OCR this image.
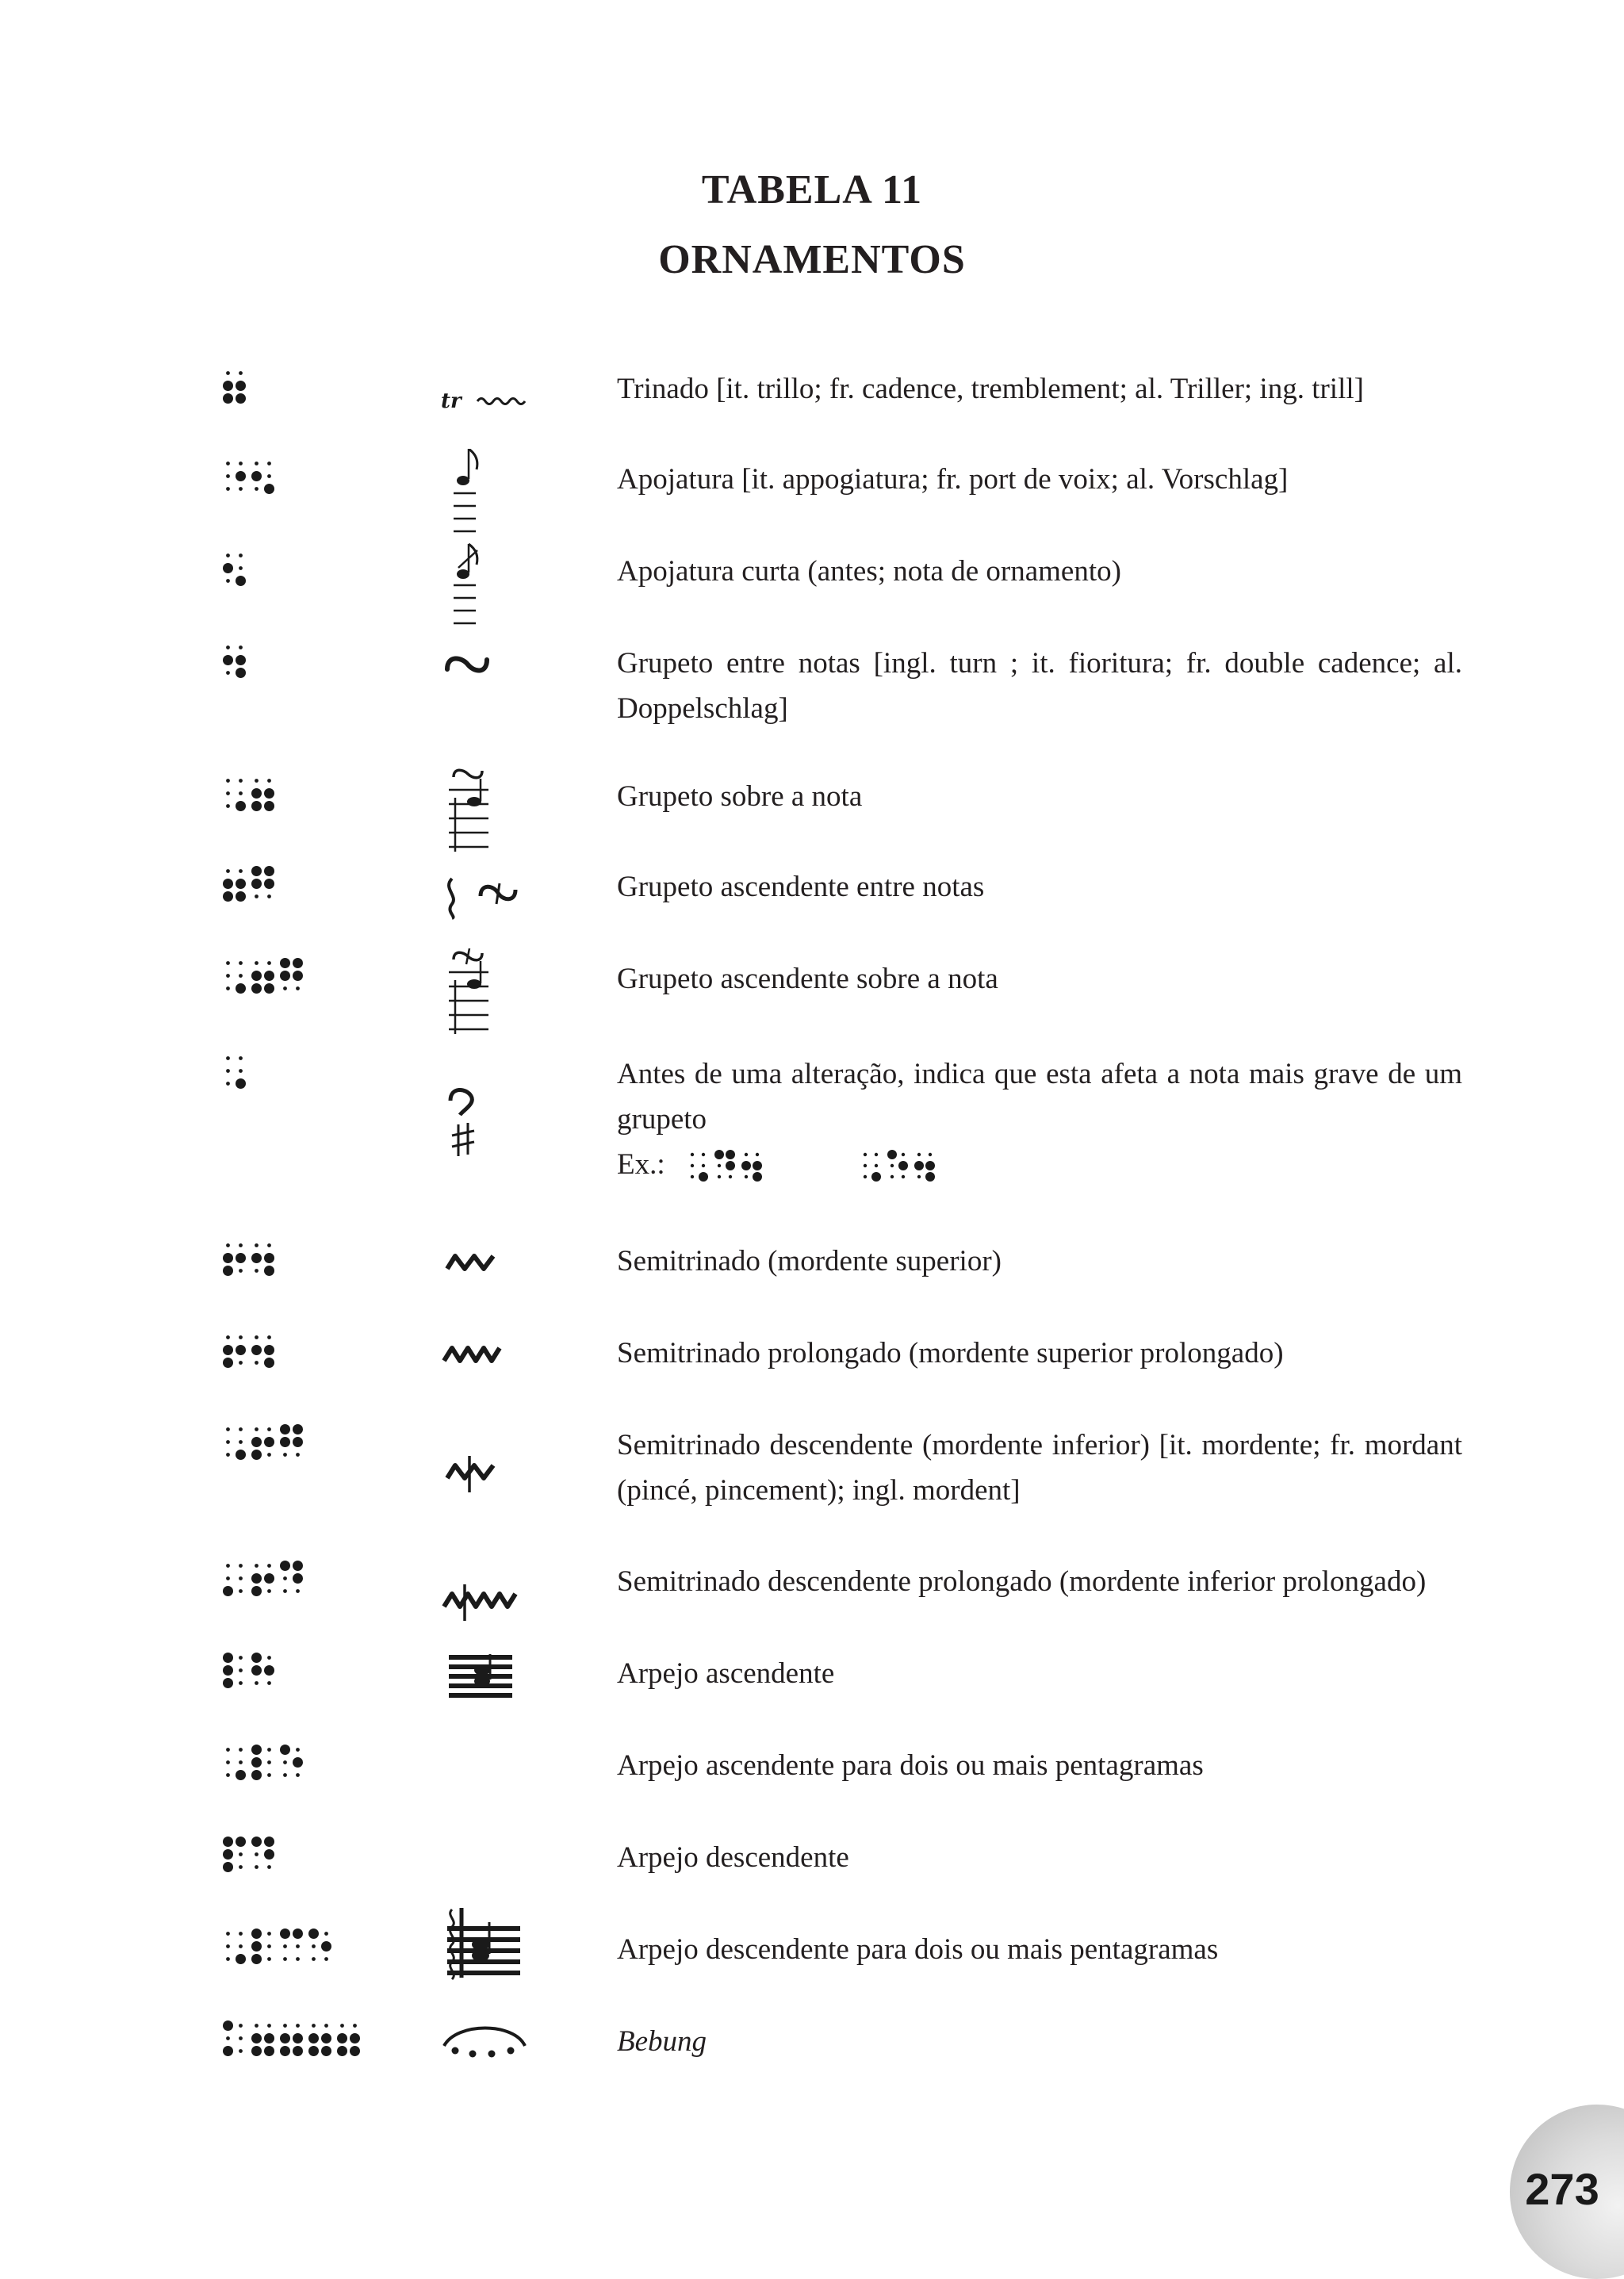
TABELA 11
ORNAMENTOS
tr	Trinado [it. trillo; fr. cadence, tremblement; al. Triller; ing. trill]
Apojatura [it. appogiatura; fr. port de voix; al. Vorschlag]
Apojatura curta (antes; nota de ornamento)
Grupeto entre notas [ingl. turn ; it. fioritura; fr. double cadence; al. Doppelschlag]
Grupeto sobre a nota
Grupeto ascendente entre notas
Grupeto ascendente sobre a nota
Antes de uma alteração, indica que esta afeta a nota mais grave de um grupeto
Ex.:
Semitrinado (mordente superior)
Semitrinado prolongado (mordente superior prolongado)
Semitrinado descendente (mordente inferior) [it. mordente; fr. mordant (pincé, pincement); ingl. mordent]
Semitrinado descendente prolongado (mordente inferior prolongado)
Arpejo ascendente
Arpejo ascendente para dois ou mais pentagramas
Arpejo descendente
Arpejo descendente para dois ou mais pentagramas
Bebung
273
